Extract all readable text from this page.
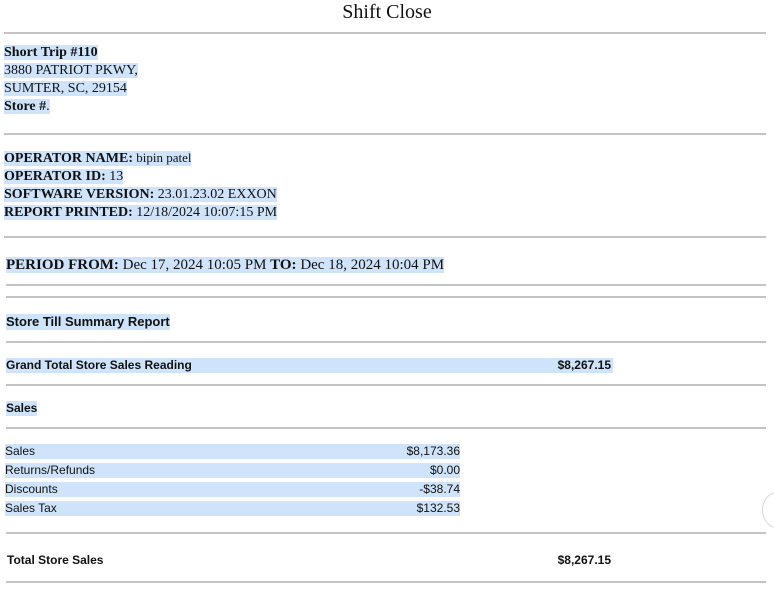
Shift Close
Short Trip #110
3880 PATRIOT PKWY,
SUMTER, SC, 29154
Store #.
OPERATOR NAME: bipin patel
OPERATOR ID: 13
SOFTWARE VERSION: 23.01.23.02 EXXON
REPORT PRINTED: 12/18/2024 10:07:15 PM
PERIOD FROM: Dec 17, 2024 10:05 PM TO: Dec 18, 2024 10:04 PM
Store Till Summary Report
Grand Total Store Sales Reading	$8,267.15
Sales
Sales	$8,173.36
Returns/Refunds	$0.00
Discounts	-$38.74
Sales Tax	$132.53
Total Store Sales	$8,267.15
